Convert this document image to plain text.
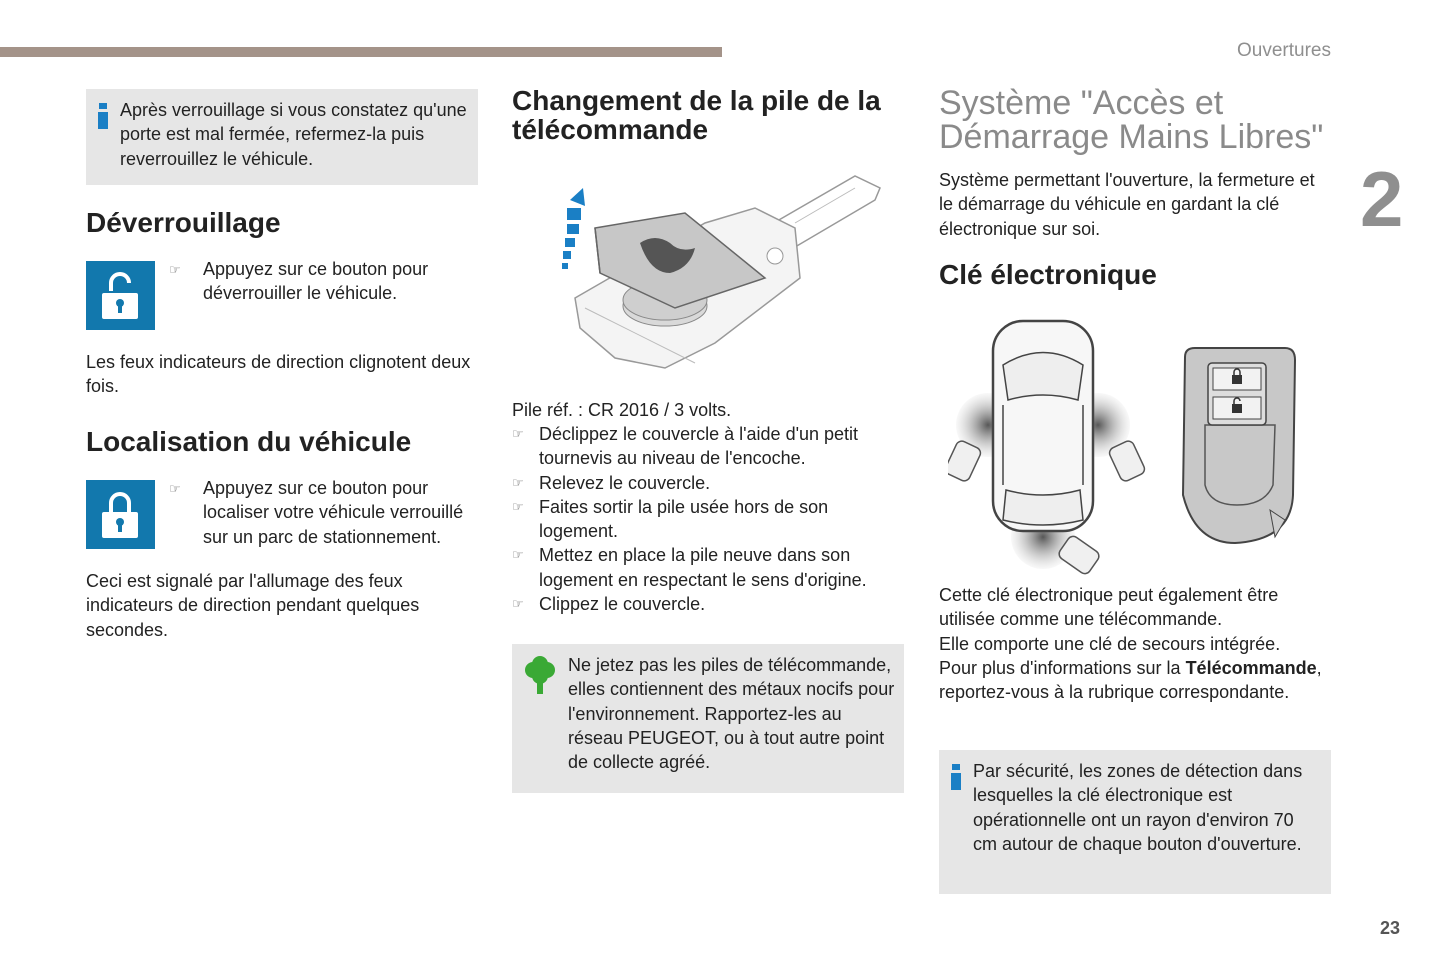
Ouvertures
2
23
Après verrouillage si vous constatez qu'une porte est mal fermée, refermez-la puis reverrouillez le véhicule.
Déverrouillage
☞ Appuyez sur ce bouton pour déverrouiller le véhicule.
Les feux indicateurs de direction clignotent deux fois.
Localisation du véhicule
☞ Appuyez sur ce bouton pour localiser votre véhicule verrouillé sur un parc de stationnement.
Ceci est signalé par l'allumage des feux indicateurs de direction pendant quelques secondes.
Changement de la pile de la télécommande
Pile réf. : CR 2016 / 3 volts.
☞ Déclippez le couvercle à l'aide d'un petit tournevis au niveau de l'encoche.
☞ Relevez le couvercle.
☞ Faites sortir la pile usée hors de son logement.
☞ Mettez en place la pile neuve dans son logement en respectant le sens d'origine.
☞ Clippez le couvercle.
Ne jetez pas les piles de télécommande, elles contiennent des métaux nocifs pour l'environnement. Rapportez-les au réseau PEUGEOT, ou à tout autre point de collecte agréé.
Système "Accès et Démarrage Mains Libres"
Système permettant l'ouverture, la fermeture et le démarrage du véhicule en gardant la clé électronique sur soi.
Clé électronique
Cette clé électronique peut également être utilisée comme une télécommande.
Elle comporte une clé de secours intégrée.
Pour plus d'informations sur la Télécommande, reportez-vous à la rubrique correspondante.
Par sécurité, les zones de détection dans lesquelles la clé électronique est opérationnelle ont un rayon d'environ 70 cm autour de chaque bouton d'ouverture.
